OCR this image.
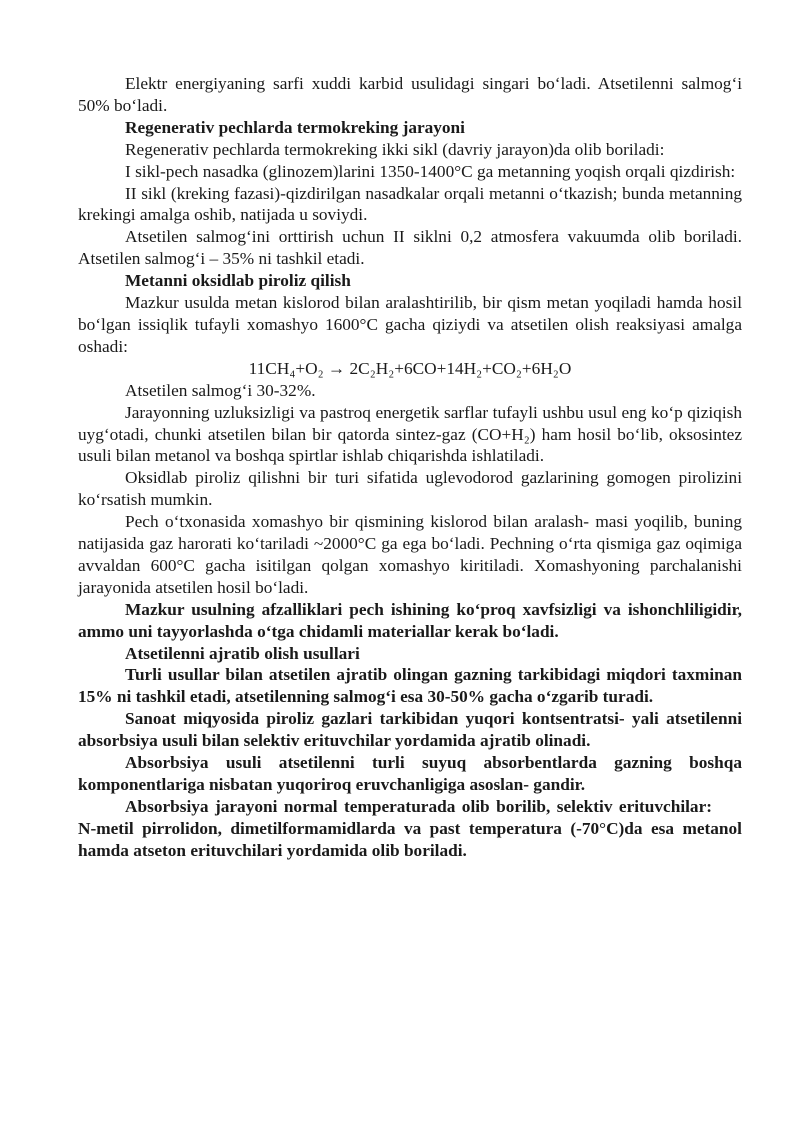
Elektr energiyaning sarfi xuddi karbid usulidagi singari bo‘ladi. Atsetilenni salmog‘i 50% bo‘ladi.

Regenerativ pechlarda termokreking jarayoni

Regenerativ pechlarda termokreking ikki sikl (davriy jarayon)da olib boriladi:

I sikl-pech nasadka (glinozem)larini 1350-1400°C ga metanning yoqish orqali qizdirish:

II sikl (kreking fazasi)-qizdirilgan nasadkalar orqali metanni o‘tkazish; bunda metanning krekingi amalga oshib, natijada u soviydi.

Atsetilen salmog‘ini orttirish uchun II siklni 0,2 atmosfera vakuumda olib boriladi. Atsetilen salmog‘i – 35% ni tashkil etadi.

Metanni oksidlab piroliz qilish

Mazkur usulda metan kislorod bilan aralashtirilib, bir qism metan yoqiladi hamda hosil bo‘lgan issiqlik tufayli xomashyo 1600°C gacha qiziydi va atsetilen olish reaksiyasi amalga oshadi:

11CH₄+O₂ → 2C₂H₂+6CO+14H₂+CO₂+6H₂O

Atsetilen salmog‘i 30-32%.

Jarayonning uzluksizligi va pastroq energetik sarflar tufayli ushbu usul eng ko‘p qiziqish uyg‘otadi, chunki atsetilen bilan bir qatorda sintez-gaz (CO+H₂) ham hosil bo‘lib, oksosintez usuli bilan metanol va boshqa spirtlar ishlab chiqarishda ishlatiladi.

Oksidlab piroliz qilishni bir turi sifatida uglevodorod gazlarining gomogen pirolizini ko‘rsatish mumkin.

Pech o‘txonasida xomashyo bir qismining kislorod bilan aralash- masi yoqilib, buning natijasida gaz harorati ko‘tariladi ~2000°C ga ega bo‘ladi. Pechning o‘rta qismiga gaz oqimiga avvaldan 600°C gacha isitilgan qolgan xomashyo kiritiladi. Xomashyoning parchalanishi jarayonida atsetilen hosil bo‘ladi.

Mazkur usulning afzalliklari pech ishining ko‘proq xavfsizligi va ishonchliligidir, ammo uni tayyorlashda o‘tga chidamli materiallar kerak bo‘ladi.

Atsetilenni ajratib olish usullari

Turli usullar bilan atsetilen ajratib olingan gazning tarkibidagi miqdori taxminan 15% ni tashkil etadi, atsetilenning salmog‘i esa 30-50% gacha o‘zgarib turadi.

Sanoat miqyosida piroliz gazlari tarkibidan yuqori kontsentratsi- yali atsetilenni absorbsiya usuli bilan selektiv erituvchilar yordamida ajratib olinadi.

Absorbsiya usuli atsetilenni turli suyuq absorbentlarda gazning boshqa komponentlariga nisbatan yuqoriroq eruvchanligiga asoslan- gandir.

Absorbsiya jarayoni normal temperaturada olib borilib, selektiv erituvchilar:N-metil pirrolidon, dimetilformamidlarda va past temperatura (-70°C)da esa metanol hamda atseton erituvchilari yordamida olib boriladi.
